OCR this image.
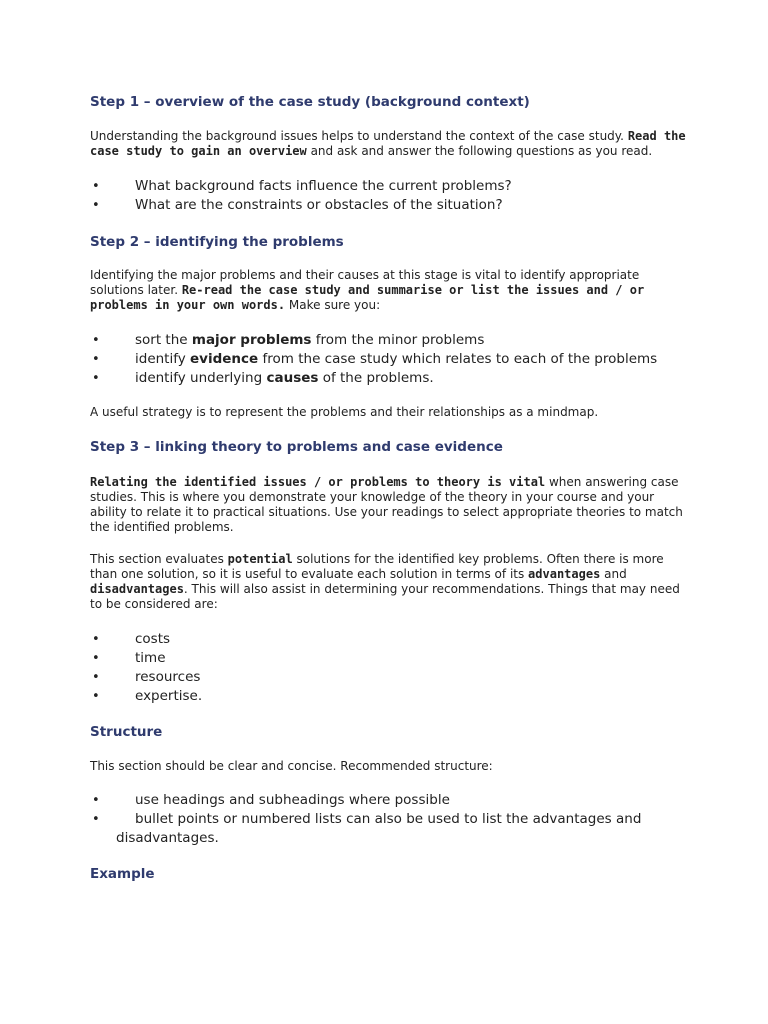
Step 1 – overview of the case study (background context)
Understanding the background issues helps to understand the context of the case study. Read the case study to gain an overview and ask and answer the following questions as you read.
•	What background facts influence the current problems?
•	What are the constraints or obstacles of the situation?
Step 2 – identifying the problems
Identifying the major problems and their causes at this stage is vital to identify appropriate solutions later. Re-read the case study and summarise or list the issues and / or problems in your own words. Make sure you:
•	sort the major problems from the minor problems
•	identify evidence from the case study which relates to each of the problems
•	identify underlying causes of the problems.
A useful strategy is to represent the problems and their relationships as a mindmap.
Step 3 – linking theory to problems and case evidence
Relating the identified issues / or problems to theory is vital when answering case studies. This is where you demonstrate your knowledge of the theory in your course and your ability to relate it to practical situations. Use your readings to select appropriate theories to match the identified problems.
This section evaluates potential solutions for the identified key problems. Often there is more than one solution, so it is useful to evaluate each solution in terms of its advantages and disadvantages. This will also assist in determining your recommendations. Things that may need to be considered are:
•	costs
•	time
•	resources
•	expertise.
Structure
This section should be clear and concise. Recommended structure:
•	use headings and subheadings where possible
•	bullet points or numbered lists can also be used to list the advantages and
disadvantages.
Example
